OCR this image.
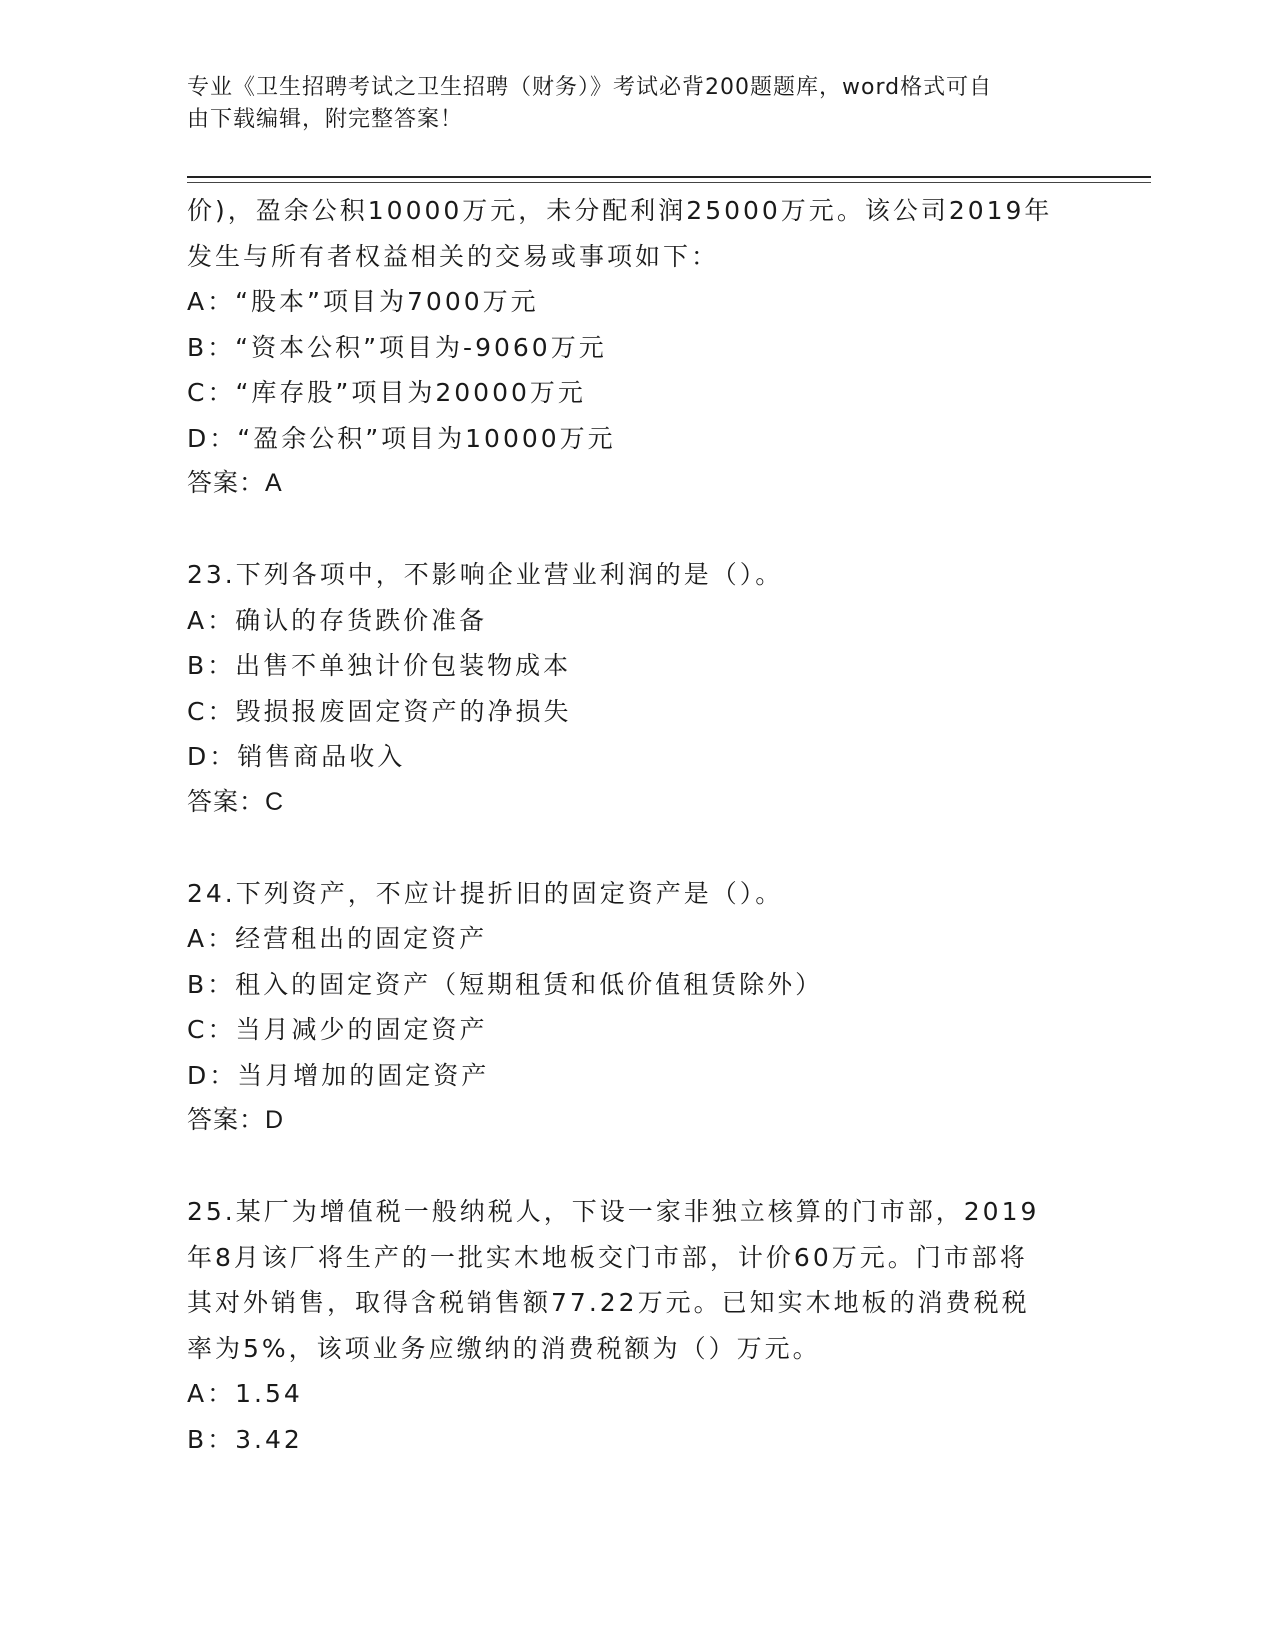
专业《卫生招聘考试之卫生招聘（财务）》考试必背200题题库，word格式可自
由下载编辑，附完整答案！
价)，盈余公积10000万元，未分配利润25000万元。该公司2019年
发生与所有者权益相关的交易或事项如下：
A：“股本”项目为7000万元
B：“资本公积”项目为-9060万元
C：“库存股”项目为20000万元
D：“盈余公积”项目为10000万元
答案：A
23.下列各项中，不影响企业营业利润的是（）。
A：确认的存货跌价准备
B：出售不单独计价包装物成本
C：毁损报废固定资产的净损失
D：销售商品收入
答案：C
24.下列资产，不应计提折旧的固定资产是（）。
A：经营租出的固定资产
B：租入的固定资产（短期租赁和低价值租赁除外）
C：当月减少的固定资产
D：当月增加的固定资产
答案：D
25.某厂为增值税一般纳税人，下设一家非独立核算的门市部，2019
年8月该厂将生产的一批实木地板交门市部，计价60万元。门市部将
其对外销售，取得含税销售额77.22万元。已知实木地板的消费税税
率为5%，该项业务应缴纳的消费税额为（）万元。
A：1.54
B：3.42
